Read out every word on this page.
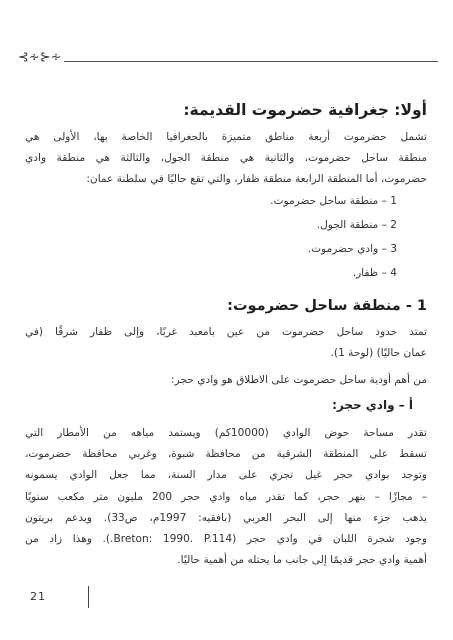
⊰∻⊱∻
أولا: جغرافية حضرموت القديمة:
تشمل حضرموت أربعة مناطق متميزة بالجغرافيا الخاصة بها، الأولى هي
منطقة ساحل حضرموت، والثانية هي منطقة الجول، والثالثة هي منطقة وادي
حضرموت، أما المنطقة الرابعة منطقة ظفار، والتي تقع حاليًا في سلطنة عمان:
1 – منطقة ساحل حضرموت.
2 – منطقة الجول.
3 – وادي حضرموت.
4 – ظفار.
1 - منطقة ساحل حضرموت:
تمتد حدود ساحل حضرموت من عين بامعبد غربًا، وإلى ظفار شرقًا (في
عمان حاليًا) (لوحة 1).
من أهم أودية ساحل حضرموت على الاطلاق هو وادي حجر:
أ – وادي حجر:
تقدر مساحة حوض الوادي (10000كم) ويستمد مياهه من الأمطار التي
تسقط على المنطقة الشرقية من محافظة شبوة، وغربي محافظة حضرموت،
وتوجد بوادي حجر غيل تجري على مدار السنة، مما جعل الوادي يسمونه
– مجازًا – بنهر حجر، كما تقدر مياه وادي حجر 200 مليون متر مكعب سنويًا
يذهب جزء منها إلى البحر العربي (بافقيه: 1997م، ص33). ويدعم بريتون
وجود شجرة اللبان في وادي حجر (Breton: 1990. P.114.). وهذا زاد من
أهمية وادي حجر قديمًا إلى جانب ما يحتله من أهمية حاليًا.
21
